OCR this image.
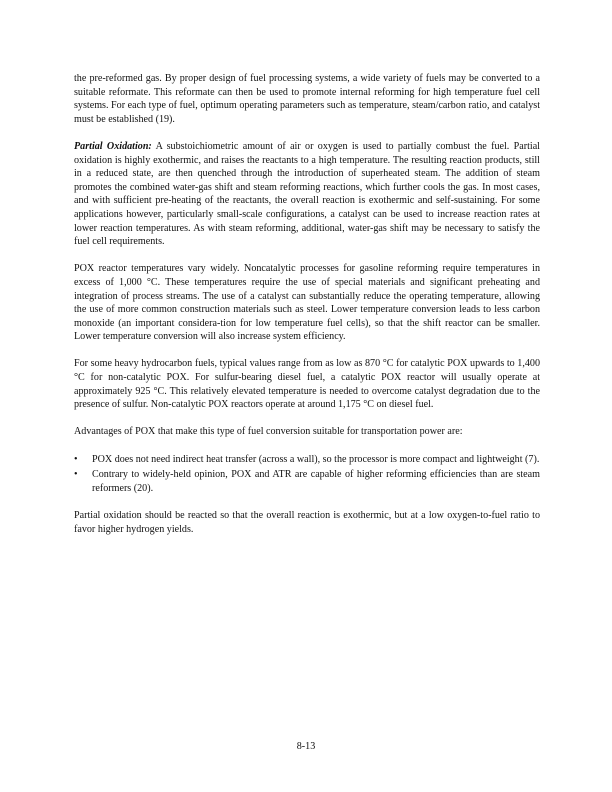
the pre-reformed gas. By proper design of fuel processing systems, a wide variety of fuels may be converted to a suitable reformate. This reformate can then be used to promote internal reforming for high temperature fuel cell systems. For each type of fuel, optimum operating parameters such as temperature, steam/carbon ratio, and catalyst must be established (19).

Partial Oxidation: A substoichiometric amount of air or oxygen is used to partially combust the fuel. Partial oxidation is highly exothermic, and raises the reactants to a high temperature. The resulting reaction products, still in a reduced state, are then quenched through the introduction of superheated steam. The addition of steam promotes the combined water-gas shift and steam reforming reactions, which further cools the gas. In most cases, and with sufficient pre-heating of the reactants, the overall reaction is exothermic and self-sustaining. For some applications however, particularly small-scale configurations, a catalyst can be used to increase reaction rates at lower reaction temperatures. As with steam reforming, additional, water-gas shift may be necessary to satisfy the fuel cell requirements.

POX reactor temperatures vary widely. Noncatalytic processes for gasoline reforming require temperatures in excess of 1,000 °C. These temperatures require the use of special materials and significant preheating and integration of process streams. The use of a catalyst can substantially reduce the operating temperature, allowing the use of more common construction materials such as steel. Lower temperature conversion leads to less carbon monoxide (an important considera-tion for low temperature fuel cells), so that the shift reactor can be smaller. Lower temperature conversion will also increase system efficiency.

For some heavy hydrocarbon fuels, typical values range from as low as 870 °C for catalytic POX upwards to 1,400 °C for non-catalytic POX. For sulfur-bearing diesel fuel, a catalytic POX reactor will usually operate at approximately 925 °C. This relatively elevated temperature is needed to overcome catalyst degradation due to the presence of sulfur. Non-catalytic POX reactors operate at around 1,175 °C on diesel fuel.

Advantages of POX that make this type of fuel conversion suitable for transportation power are:

• POX does not need indirect heat transfer (across a wall), so the processor is more compact and lightweight (7).
• Contrary to widely-held opinion, POX and ATR are capable of higher reforming efficiencies than are steam reformers (20).

Partial oxidation should be reacted so that the overall reaction is exothermic, but at a low oxygen-to-fuel ratio to favor higher hydrogen yields.

8-13
